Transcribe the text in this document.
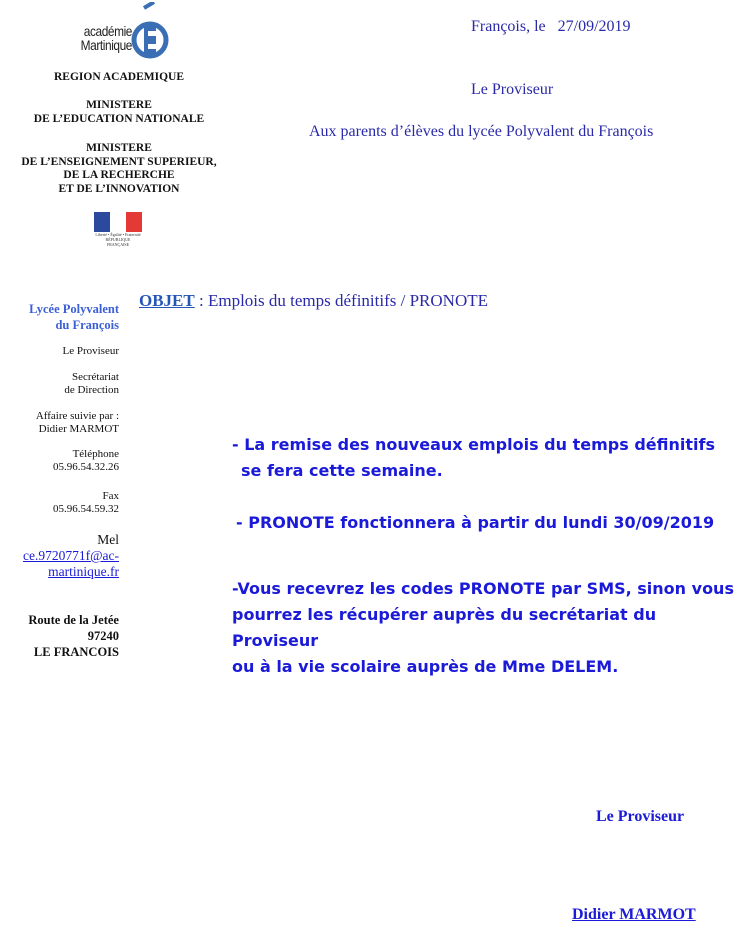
académie
Martinique
REGION ACADEMIQUE
MINISTERE
DE L’EDUCATION NATIONALE
MINISTERE
DE L’ENSEIGNEMENT SUPERIEUR,
DE LA RECHERCHE
ET DE L’INNOVATION
Liberté • Égalité • Fraternité
RÉPUBLIQUE FRANÇAISE
François, le 27/09/2019
Le Proviseur
Aux parents d’élèves du lycée Polyvalent du François
Lycée Polyvalent
du François
Le Proviseur
Secrétariat
de Direction
Affaire suivie par :
Didier MARMOT
Téléphone
05.96.54.32.26
Fax
05.96.54.59.32
Mel
ce.9720771f@ac-
martinique.fr
Route de la Jetée
97240
LE FRANCOIS
OBJET : Emplois du temps définitifs / PRONOTE
- La remise des nouveaux emplois du temps définitifs
se fera cette semaine.
- PRONOTE fonctionnera à partir du lundi 30/09/2019
-Vous recevrez les codes PRONOTE par SMS, sinon vous
pourrez les récupérer auprès du secrétariat du Proviseur
ou à la vie scolaire auprès de Mme DELEM.
Le Proviseur
Didier MARMOT
